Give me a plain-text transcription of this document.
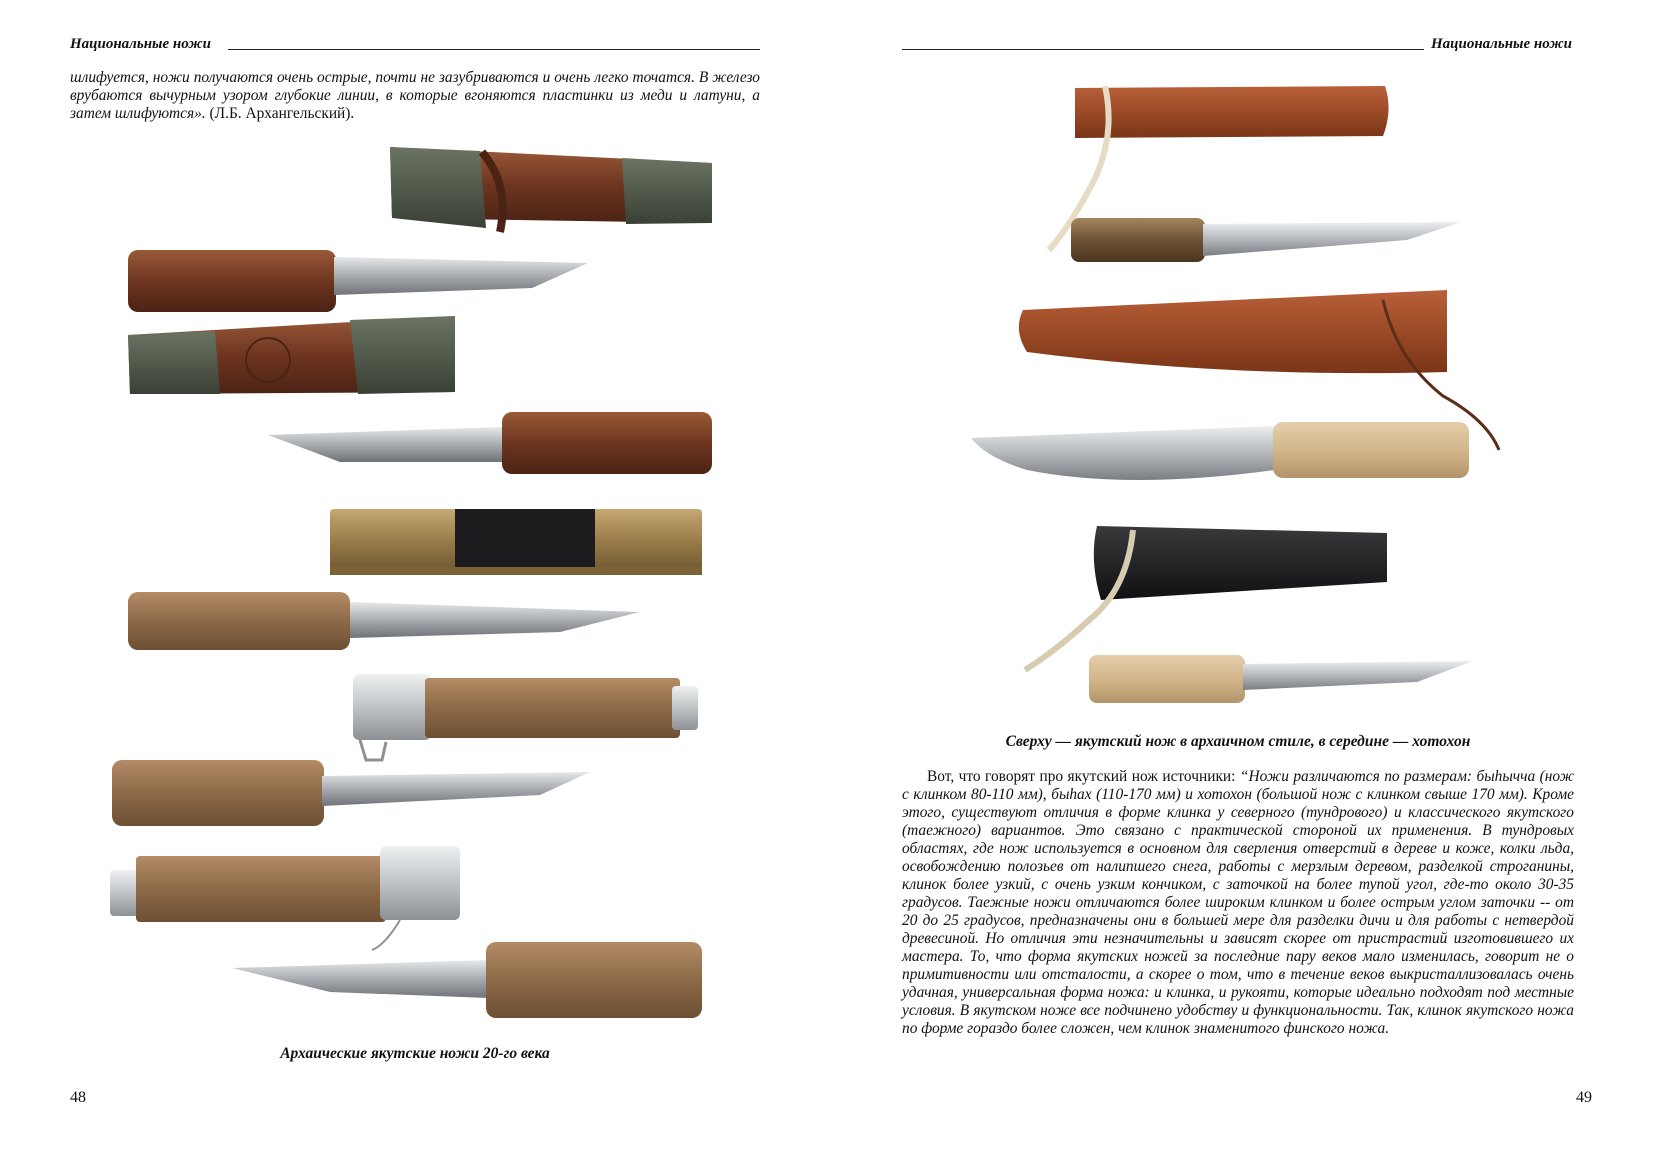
Национальные ножи
шлифуется, ножи получаются очень острые, почти не зазубриваются и очень легко точатся. В железо врубаются вычурным узором глубокие линии, в которые вгоняются пластинки из меди и латуни, а затем шлифуются». (Л.Б. Архангельский).
Архаические якутские ножи 20-го века
48
Национальные ножи
Сверху — якутский нож в архаичном стиле, в середине — хотохон
Вот, что говорят про якутский нож источники: “Ножи различаются по размерам: быhычча (нож с клинком 80-110 мм), быhах (110-170 мм) и хотохон (большой нож с клинком свыше 170 мм). Кроме этого, существуют отличия в форме клинка у северного (тундрового) и классического якутского (таежного) вариантов. Это связано с практической стороной их применения. В тундровых областях, где нож используется в основном для сверления отверстий в дереве и коже, колки льда, освобождению полозьев от налипшего снега, работы с мерзлым деревом, разделкой строганины, клинок более узкий, с очень узким кончиком, с заточкой на более тупой угол, где-то около 30-35 градусов. Таежные ножи отличаются более широким клинком и более острым углом заточки -- от 20 до 25 градусов, предназначены они в большей мере для разделки дичи и для работы с нетвердой древесиной. Но отличия эти незначительны и зависят скорее от пристрастий изготовившего их мастера. То, что форма якутских ножей за последние пару веков мало изменилась, говорит не о примитивности или отсталости, а скорее о том, что в течение веков выкристаллизовалась очень удачная, универсальная форма ножа: и клинка, и рукояти, которые идеально подходят под местные условия. В якутском ноже все подчинено удобству и функциональности. Так, клинок якутского ножа по форме гораздо более сложен, чем клинок знаменитого финского ножа.
49
